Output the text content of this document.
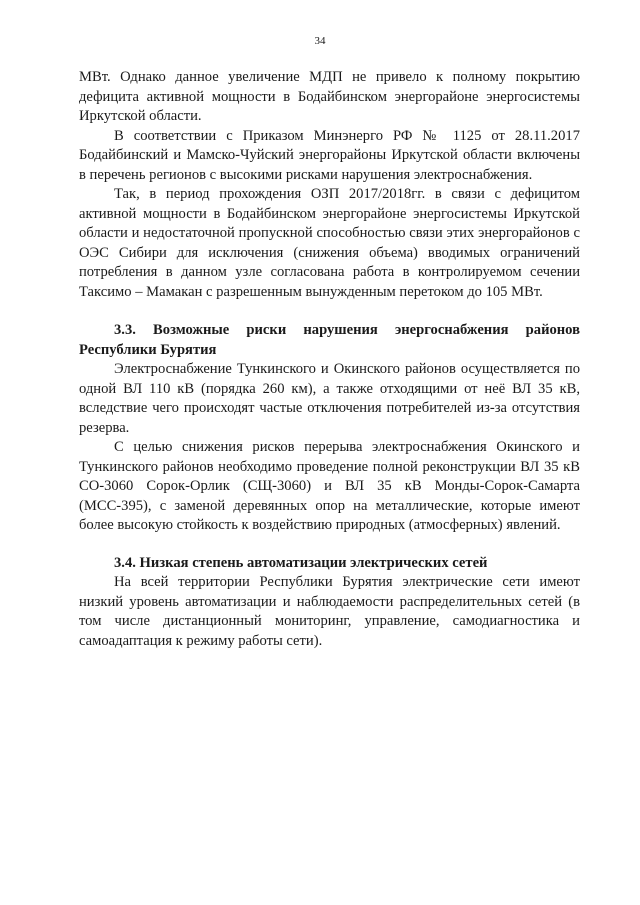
34

МВт. Однако данное увеличение МДП не привело к полному покрытию дефицита активной мощности в Бодайбинском энергорайоне энергосистемы Иркутской области.

В соответствии с Приказом Минэнерго РФ № 1125 от 28.11.2017 Бодайбинский и Мамско-Чуйский энергорайоны Иркутской области включены в перечень регионов с высокими рисками нарушения электроснабжения.

Так, в период прохождения ОЗП 2017/2018гг. в связи с дефицитом активной мощности в Бодайбинском энергорайоне энергосистемы Иркутской области и недостаточной пропускной способностью связи этих энергорайонов с ОЭС Сибири для исключения (снижения объема) вводимых ограничений потребления в данном узле согласована работа в контролируемом сечении Таксимо – Мамакан с разрешенным вынужденным перетоком до 105 МВт.

3.3. Возможные риски нарушения энергоснабжения районов Республики Бурятия

Электроснабжение Тункинского и Окинского районов осуществляется по одной ВЛ 110 кВ (порядка 260 км), а также отходящими от неё ВЛ 35 кВ, вследствие чего происходят частые отключения потребителей из-за отсутствия резерва.

С целью снижения рисков перерыва электроснабжения Окинского и Тункинского районов необходимо проведение полной реконструкции ВЛ 35 кВ СО-3060 Сорок-Орлик (СЩ-3060) и ВЛ 35 кВ Монды-Сорок-Самарта (МСС-395), с заменой деревянных опор на металлические, которые имеют более высокую стойкость к воздействию природных (атмосферных) явлений.

3.4. Низкая степень автоматизации электрических сетей

На всей территории Республики Бурятия электрические сети имеют низкий уровень автоматизации и наблюдаемости распределительных сетей (в том числе дистанционный мониторинг, управление, самодиагностика и самоадаптация к режиму работы сети).
